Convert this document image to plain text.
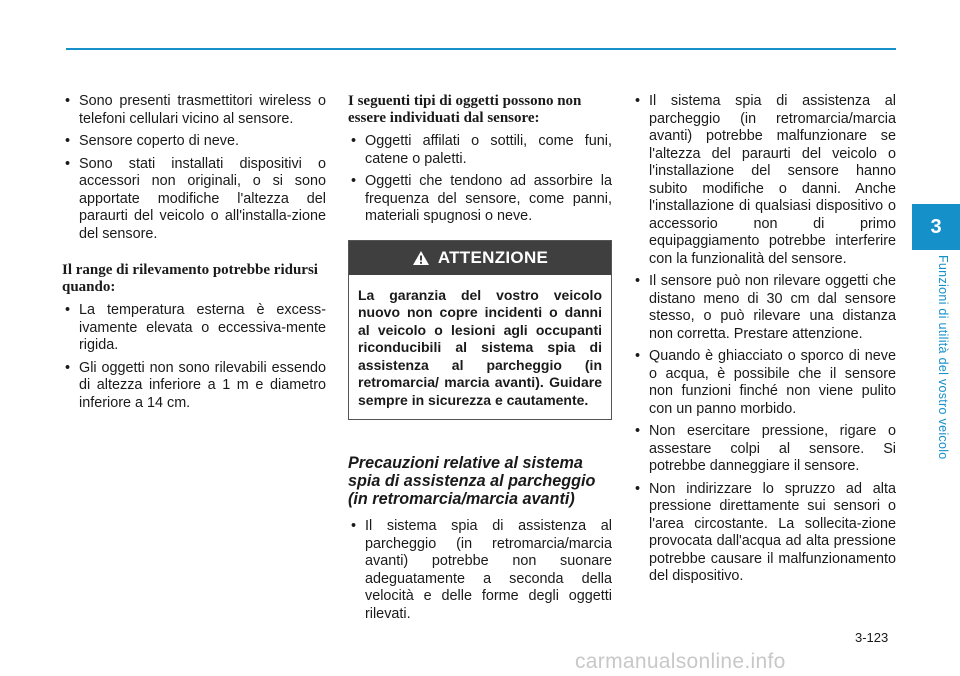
3
Funzioni di utilità del vostro veicolo
• Sono presenti trasmettitori wireless o telefoni cellulari vicino al sensore.
• Sensore coperto di neve.
• Sono stati installati dispositivi o accessori non originali, o si sono apportate modifiche l'altezza del paraurti del veicolo o all'installa-zione del sensore.
Il range di rilevamento potrebbe ridursi quando:
• La temperatura esterna è excess-ivamente elevata o eccessiva-mente rigida.
• Gli oggetti non sono rilevabili essendo di altezza inferiore a 1 m e diametro inferiore a 14 cm.
I seguenti tipi di oggetti possono non essere individuati dal sensore:
• Oggetti affilati o sottili, come funi, catene o paletti.
• Oggetti che tendono ad assorbire la frequenza del sensore, come panni, materiali spugnosi o neve.
ATTENZIONE
La garanzia del vostro veicolo nuovo non copre incidenti o danni al veicolo o lesioni agli occupanti riconducibili al sistema spia di assistenza al parcheggio (in retromarcia/ marcia avanti). Guidare sempre in sicurezza e cautamente.
Precauzioni relative al sistema spia di assistenza al parcheggio (in retromarcia/marcia avanti)
• Il sistema spia di assistenza al parcheggio (in retromarcia/marcia avanti) potrebbe non suonare adeguatamente a seconda della velocità e delle forme degli oggetti rilevati.
• Il sistema spia di assistenza al parcheggio (in retromarcia/marcia avanti) potrebbe malfunzionare se l'altezza del paraurti del veicolo o l'installazione del sensore hanno subito modifiche o danni. Anche l'installazione di qualsiasi dispositivo o accessorio non di primo equipaggiamento potrebbe interferire con la funzionalità del sensore.
• Il sensore può non rilevare oggetti che distano meno di 30 cm dal sensore stesso, o può rilevare una distanza non corretta. Prestare attenzione.
• Quando è ghiacciato o sporco di neve o acqua, è possibile che il sensore non funzioni finché non viene pulito con un panno morbido.
• Non esercitare pressione, rigare o assestare colpi al sensore. Si potrebbe danneggiare il sensore.
• Non indirizzare lo spruzzo ad alta pressione direttamente sui sensori o l'area circostante. La sollecita-zione provocata dall'acqua ad alta pressione potrebbe causare il malfunzionamento del dispositivo.
3-123
carmanualsonline.info
